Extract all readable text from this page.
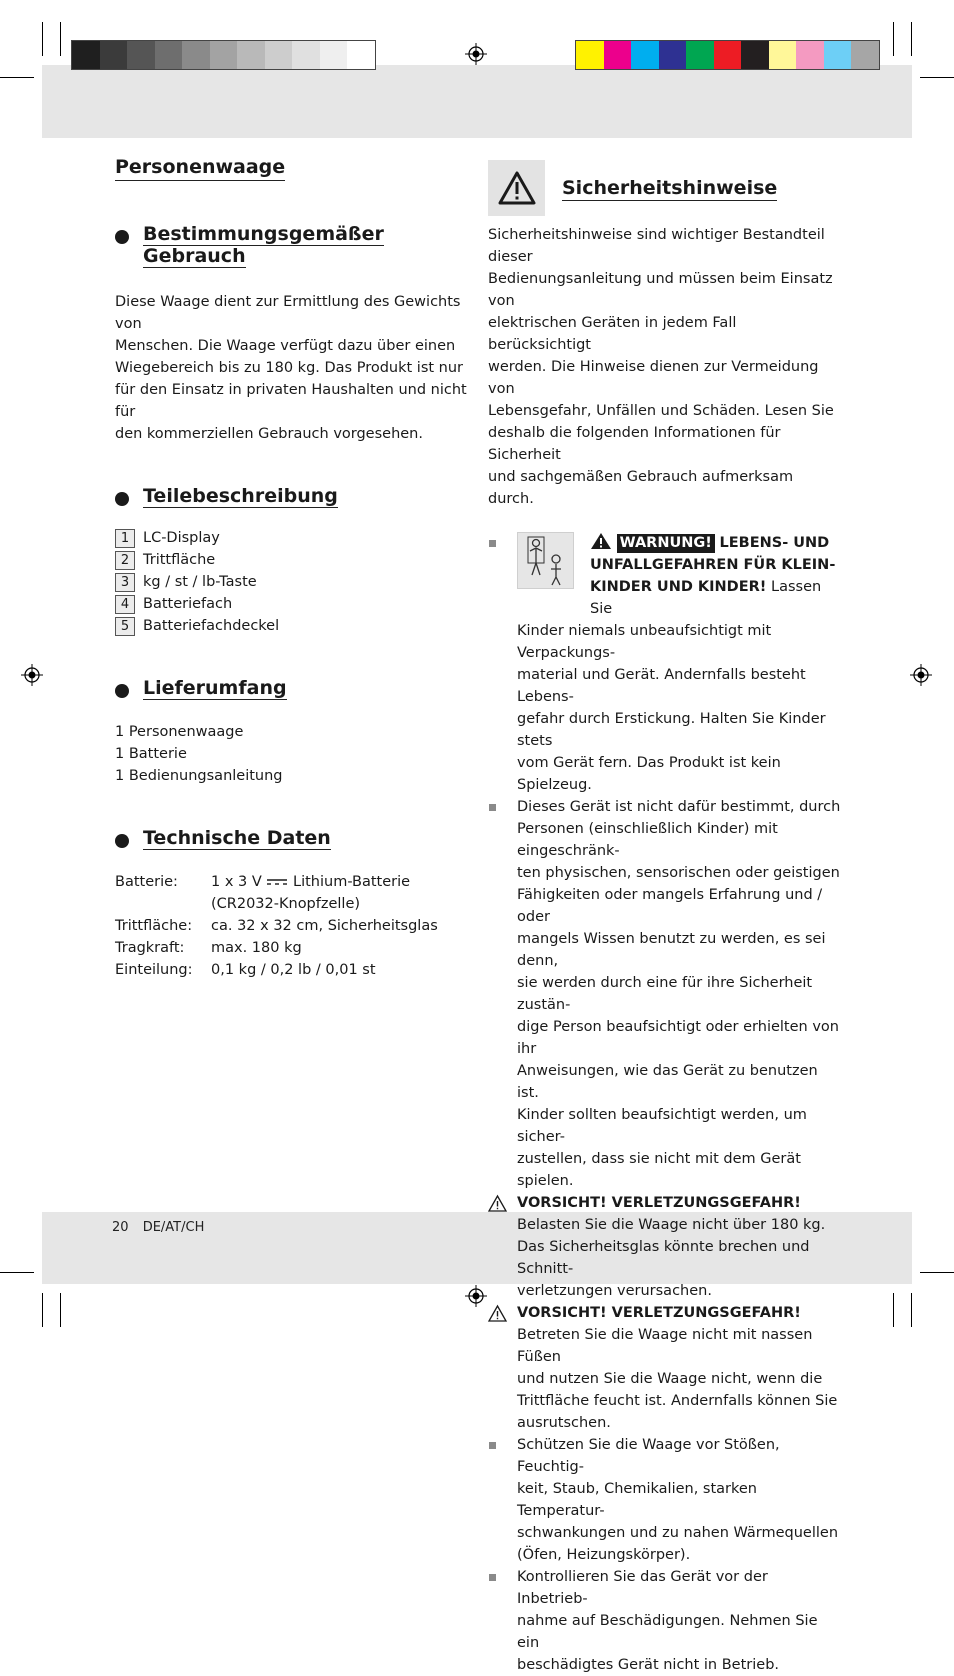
Personenwaage
Bestimmungsgemäßer Gebrauch

Diese Waage dient zur Ermittlung des Gewichts von

Menschen. Die Waage verfügt dazu über einen

Wiegebereich bis zu 180 kg. Das Produkt ist nur

für den Einsatz in privaten Haushalten und nicht für

den kommerziellen Gebrauch vorgesehen.

Teilebeschreibung
1 LC-Display
2 Trittfläche
3 kg / st / lb-Taste
4 Batteriefach
5 Batteriefachdeckel
Lieferumfang

1 Personenwaage

1 Batterie

1 Bedienungsanleitung

Technische Daten
Batterie:	1 x 3 V Lithium-Batterie
(CR2032-Knopfzelle)
Trittfläche:	ca. 32 x 32 cm, Sicherheitsglas
Tragkraft:	max. 180 kg
Einteilung:	0,1 kg / 0,2 lb / 0,01 st
Sicherheitshinweise

Sicherheitshinweise sind wichtiger Bestandteil dieser

Bedienungsanleitung und müssen beim Einsatz von

elektrischen Geräten in jedem Fall berücksichtigt

werden. Die Hinweise dienen zur Vermeidung von

Lebensgefahr, Unfällen und Schäden. Lesen Sie

deshalb die folgenden Informationen für Sicherheit

und sachgemäßen Gebrauch aufmerksam durch.

WARNUNG! LEBENS- UND
UNFALLGEFAHREN FÜR KLEIN-
KINDER UND KINDER! Lassen Sie
Kinder niemals unbeaufsichtigt mit Verpackungs-
material und Gerät. Andernfalls besteht Lebens-
gefahr durch Erstickung. Halten Sie Kinder stets
vom Gerät fern. Das Produkt ist kein Spielzeug.
Dieses Gerät ist nicht dafür bestimmt, durch
Personen (einschließlich Kinder) mit eingeschränk-
ten physischen, sensorischen oder geistigen
Fähigkeiten oder mangels Erfahrung und / oder
mangels Wissen benutzt zu werden, es sei denn,
sie werden durch eine für ihre Sicherheit zustän-
dige Person beaufsichtigt oder erhielten von ihr
Anweisungen, wie das Gerät zu benutzen ist.
Kinder sollten beaufsichtigt werden, um sicher-
zustellen, dass sie nicht mit dem Gerät spielen.
VORSICHT! VERLETZUNGSGEFAHR!
Belasten Sie die Waage nicht über 180 kg.
Das Sicherheitsglas könnte brechen und Schnitt-
verletzungen verursachen.
VORSICHT! VERLETZUNGSGEFAHR!
Betreten Sie die Waage nicht mit nassen Füßen
und nutzen Sie die Waage nicht, wenn die
Trittfläche feucht ist. Andernfalls können Sie
ausrutschen.
Schützen Sie die Waage vor Stößen, Feuchtig-
keit, Staub, Chemikalien, starken Temperatur-
schwankungen und zu nahen Wärmequellen
(Öfen, Heizungskörper).
Kontrollieren Sie das Gerät vor der Inbetrieb-
nahme auf Beschädigungen. Nehmen Sie ein
beschädigtes Gerät nicht in Betrieb.
20 DE/AT/CH
